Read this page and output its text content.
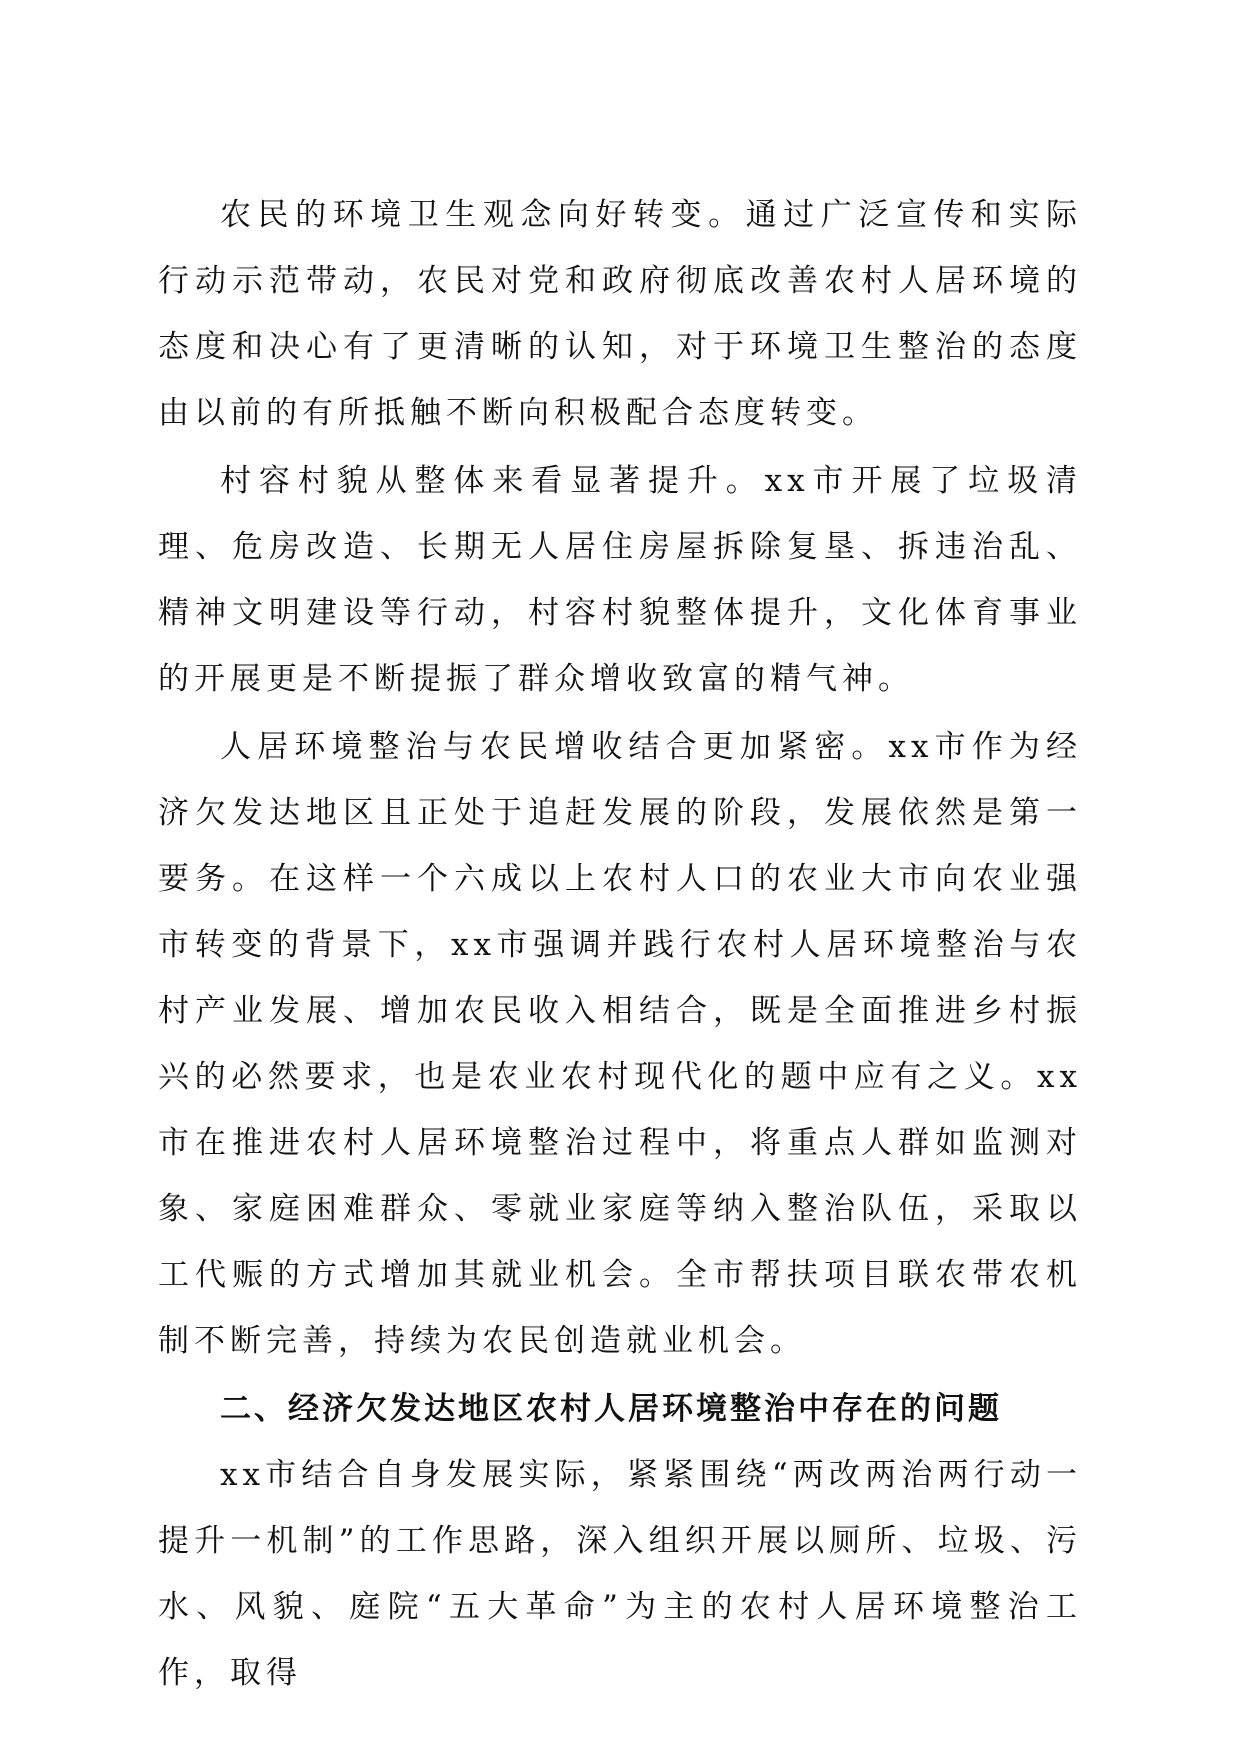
农民的环境卫生观念向好转变。通过广泛宣传和实际行动示范带动，农民对党和政府彻底改善农村人居环境的态度和决心有了更清晰的认知，对于环境卫生整治的态度由以前的有所抵触不断向积极配合态度转变。

村容村貌从整体来看显著提升。xx市开展了垃圾清理、危房改造、长期无人居住房屋拆除复垦、拆违治乱、精神文明建设等行动，村容村貌整体提升，文化体育事业的开展更是不断提振了群众增收致富的精气神。

人居环境整治与农民增收结合更加紧密。xx市作为经济欠发达地区且正处于追赶发展的阶段，发展依然是第一要务。在这样一个六成以上农村人口的农业大市向农业强市转变的背景下，xx市强调并践行农村人居环境整治与农村产业发展、增加农民收入相结合，既是全面推进乡村振兴的必然要求，也是农业农村现代化的题中应有之义。xx市在推进农村人居环境整治过程中，将重点人群如监测对象、家庭困难群众、零就业家庭等纳入整治队伍，采取以工代赈的方式增加其就业机会。全市帮扶项目联农带农机制不断完善，持续为农民创造就业机会。

二、经济欠发达地区农村人居环境整治中存在的问题

xx市结合自身发展实际，紧紧围绕“两改两治两行动一提升一机制”的工作思路，深入组织开展以厕所、垃圾、污水、风貌、庭院“五大革命”为主的农村人居环境整治工作，取得
